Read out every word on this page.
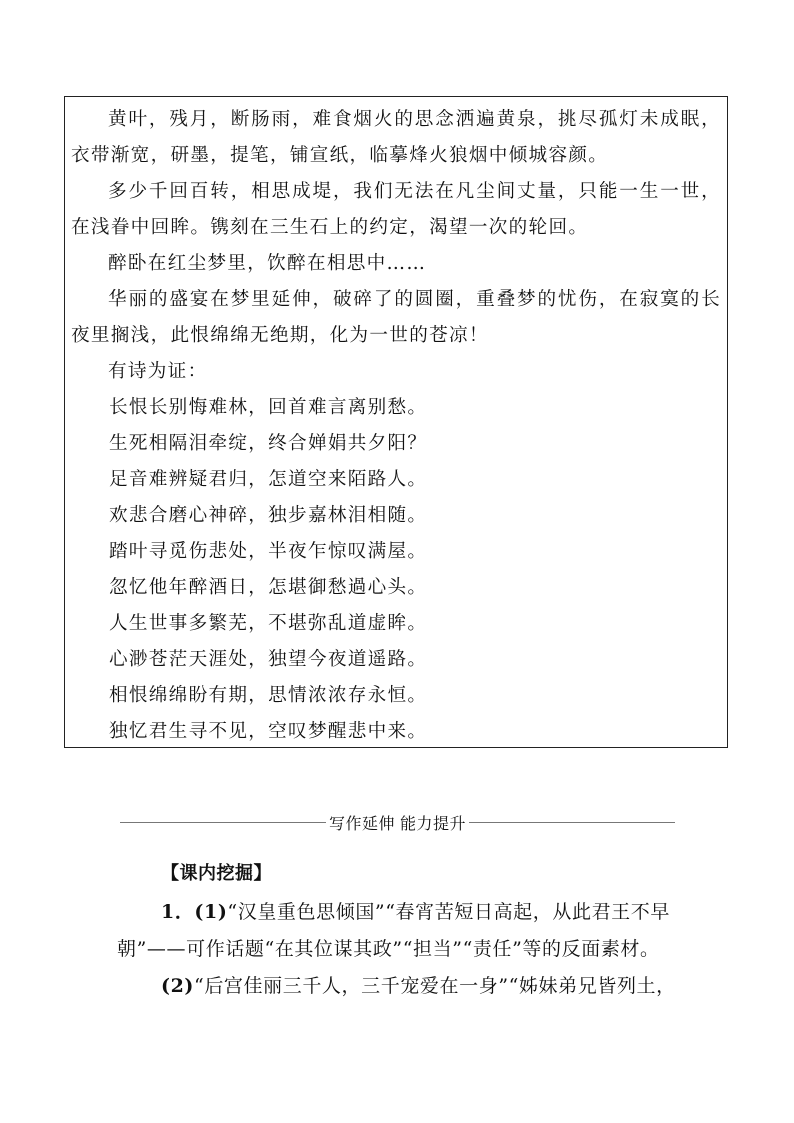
黄叶，残月，断肠雨，难食烟火的思念洒遍黄泉，挑尽孤灯未成眠，衣带渐宽，研墨，提笔，铺宣纸，临摹烽火狼烟中倾城容颜。

多少千回百转，相思成堤，我们无法在凡尘间丈量，只能一生一世，在浅眷中回眸。镌刻在三生石上的约定，渴望一次的轮回。

醉卧在红尘梦里，饮醉在相思中……

华丽的盛宴在梦里延伸，破碎了的圆圈，重叠梦的忧伤，在寂寞的长夜里搁浅，此恨绵绵无绝期，化为一世的苍凉！

有诗为证：

长恨长别悔难林，回首难言离别愁。

生死相隔泪牵绽，终合婵娟共夕阳？

足音难辨疑君归，怎道空来陌路人。

欢悲合磨心神碎，独步嘉林泪相随。

踏叶寻觅伤悲处，半夜乍惊叹满屋。

忽忆他年醉酒日，怎堪御愁過心头。

人生世事多繁芜，不堪弥乱道虚眸。

心渺苍茫天涯处，独望今夜道遥路。

相恨绵绵盼有期，思情浓浓存永恒。

独忆君生寻不见，空叹梦醒悲中来。

写作延伸 能力提升

【课内挖掘】

1．(1)“汉皇重色思倾国”“春宵苦短日高起，从此君王不早

朝”——可作话题“在其位谋其政”“担当”“责任”等的反面素材。

(2)“后宫佳丽三千人，三千宠爱在一身”“姊妹弟兄皆列土，
